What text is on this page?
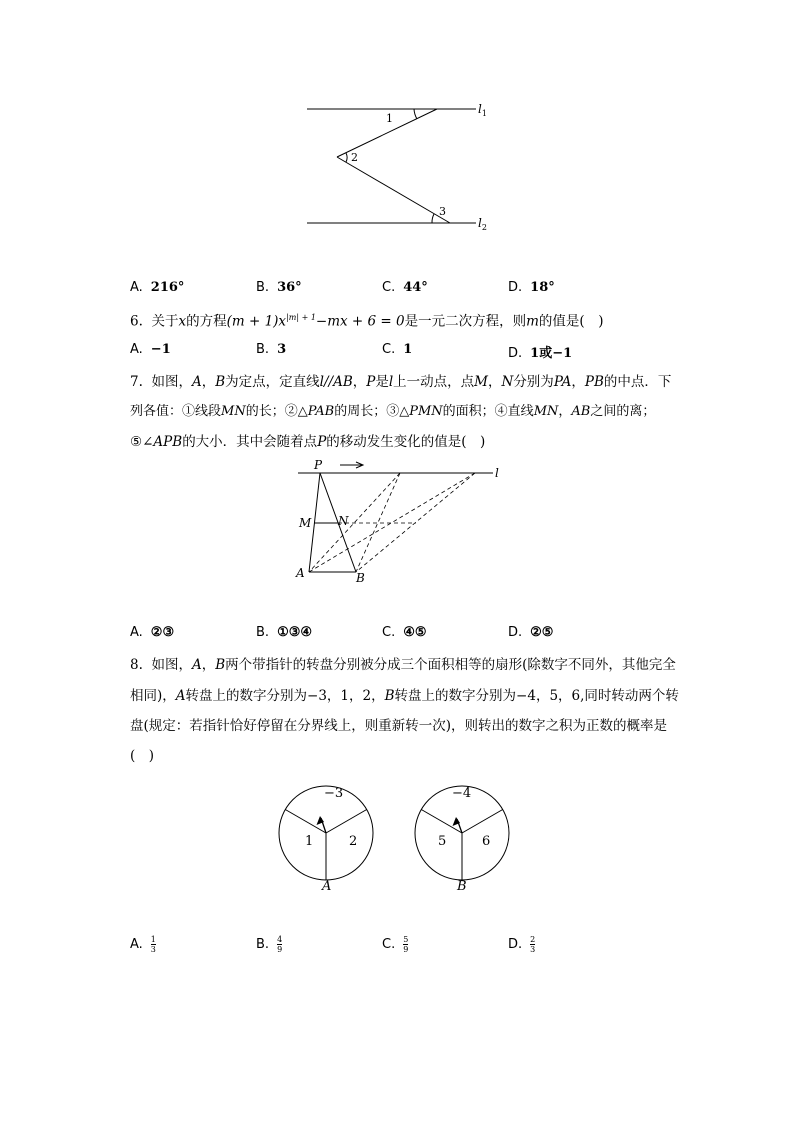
1
2
3
$l_1$
$l_2$
A. 216°	B. 36°	C. 44°	D. 18°
6. 关于x的方程$(m + 1)x^{|m| + 1}-mx + 6 = 0$是一元二次方程，则m的值是(　)
A. −1	B. 3	C. 1	D. 1或−1
7. 如图，A，B为定点，定直线l//AB，P是l上一动点，点M，N分别为PA，PB的中点．下
列各值：①线段MN的长；②△PAB的周长；③△PMN的面积；④直线MN，AB之间的离；
⑤∠APB的大小．其中会随着点P的移动发生变化的值是(　)
P
l
M N
A	B
A. ②③	B. ①③④	C. ④⑤	D. ②⑤
8. 如图，A，B两个带指针的转盘分别被分成三个面积相等的扇形(除数字不同外，其他完全
相同)，A转盘上的数字分别为−3，1，2，B转盘上的数字分别为−4，5，6,同时转动两个转
盘(规定：若指针恰好停留在分界线上，则重新转一次)，则转出的数字之积为正数的概率是
(　)
−3
1	2
A
−4
5	6
B
A. $\frac{1}{3}$	B. $\frac{4}{9}$	C. $\frac{5}{9}$	D. $\frac{2}{3}$
